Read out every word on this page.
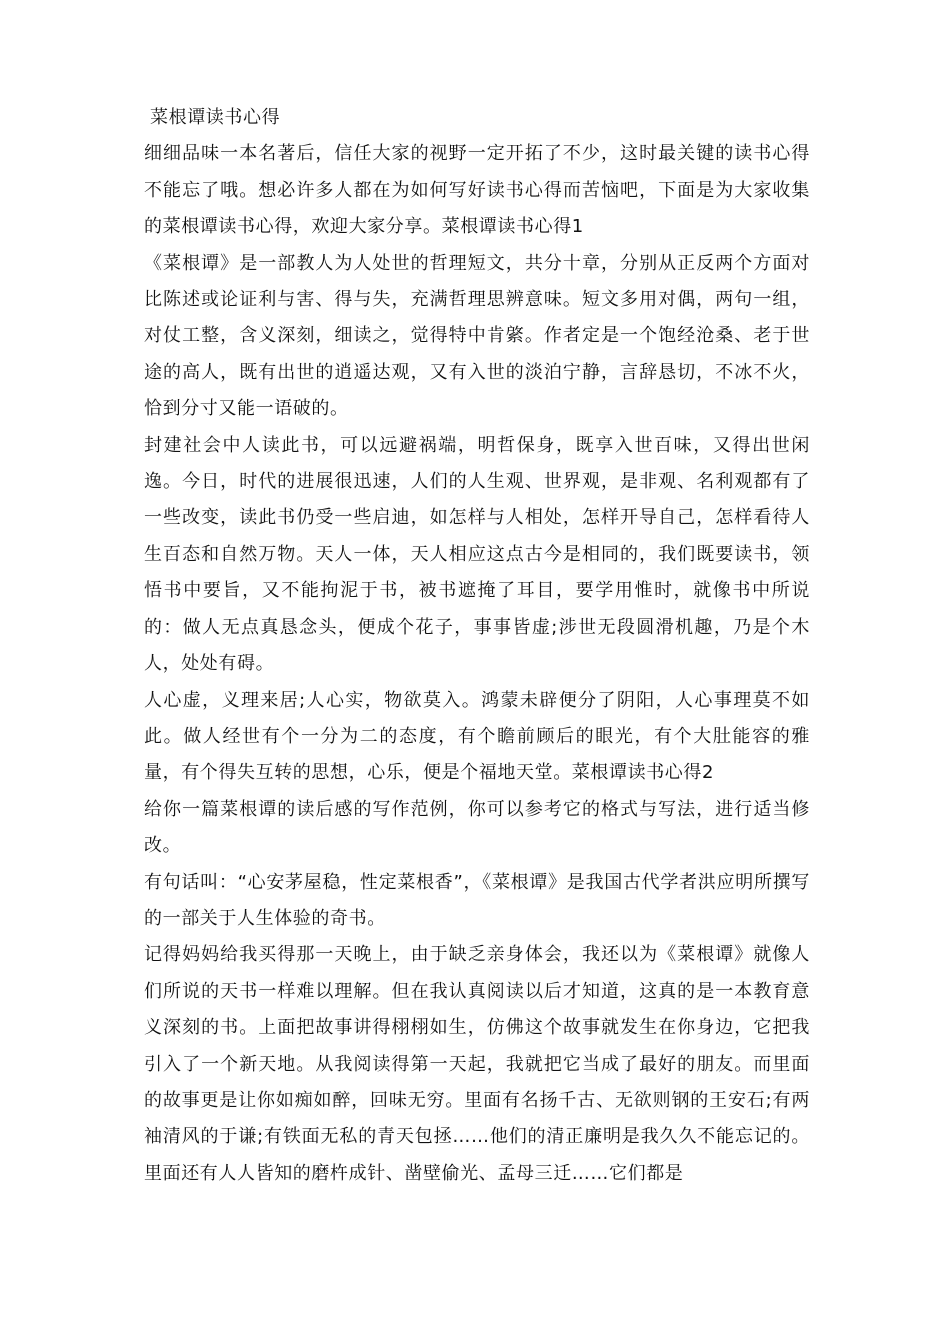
菜根谭读书心得
细细品味一本名著后，信任大家的视野一定开拓了不少，这时最关键的读书心得不能忘了哦。想必许多人都在为如何写好读书心得而苦恼吧，下面是为大家收集的菜根谭读书心得，欢迎大家分享。菜根谭读书心得1
《菜根谭》是一部教人为人处世的哲理短文，共分十章，分别从正反两个方面对比陈述或论证利与害、得与失，充满哲理思辨意味。短文多用对偶，两句一组，对仗工整，含义深刻，细读之，觉得特中肯綮。作者定是一个饱经沧桑、老于世途的高人，既有出世的逍遥达观，又有入世的淡泊宁静，言辞恳切，不冰不火，恰到分寸又能一语破的。
封建社会中人读此书，可以远避祸端，明哲保身，既享入世百味，又得出世闲逸。今日，时代的进展很迅速，人们的人生观、世界观，是非观、名利观都有了一些改变，读此书仍受一些启迪，如怎样与人相处，怎样开导自己，怎样看待人生百态和自然万物。天人一体，天人相应这点古今是相同的，我们既要读书，领悟书中要旨，又不能拘泥于书，被书遮掩了耳目，要学用惟时，就像书中所说的：做人无点真恳念头，便成个花子，事事皆虚;涉世无段圆滑机趣，乃是个木人，处处有碍。
人心虚，义理来居;人心实，物欲莫入。鸿蒙未辟便分了阴阳，人心事理莫不如此。做人经世有个一分为二的态度，有个瞻前顾后的眼光，有个大肚能容的雅量，有个得失互转的思想，心乐，便是个福地天堂。菜根谭读书心得2
给你一篇菜根谭的读后感的写作范例，你可以参考它的格式与写法，进行适当修改。
有句话叫：“心安茅屋稳，性定菜根香”，《菜根谭》是我国古代学者洪应明所撰写的一部关于人生体验的奇书。
记得妈妈给我买得那一天晚上，由于缺乏亲身体会，我还以为《菜根谭》就像人们所说的天书一样难以理解。但在我认真阅读以后才知道，这真的是一本教育意义深刻的书。上面把故事讲得栩栩如生，仿佛这个故事就发生在你身边，它把我引入了一个新天地。从我阅读得第一天起，我就把它当成了最好的朋友。而里面的故事更是让你如痴如醉，回味无穷。里面有名扬千古、无欲则钢的王安石;有两袖清风的于谦;有铁面无私的青天包拯……他们的清正廉明是我久久不能忘记的。里面还有人人皆知的磨杵成针、凿壁偷光、孟母三迁……它们都是
